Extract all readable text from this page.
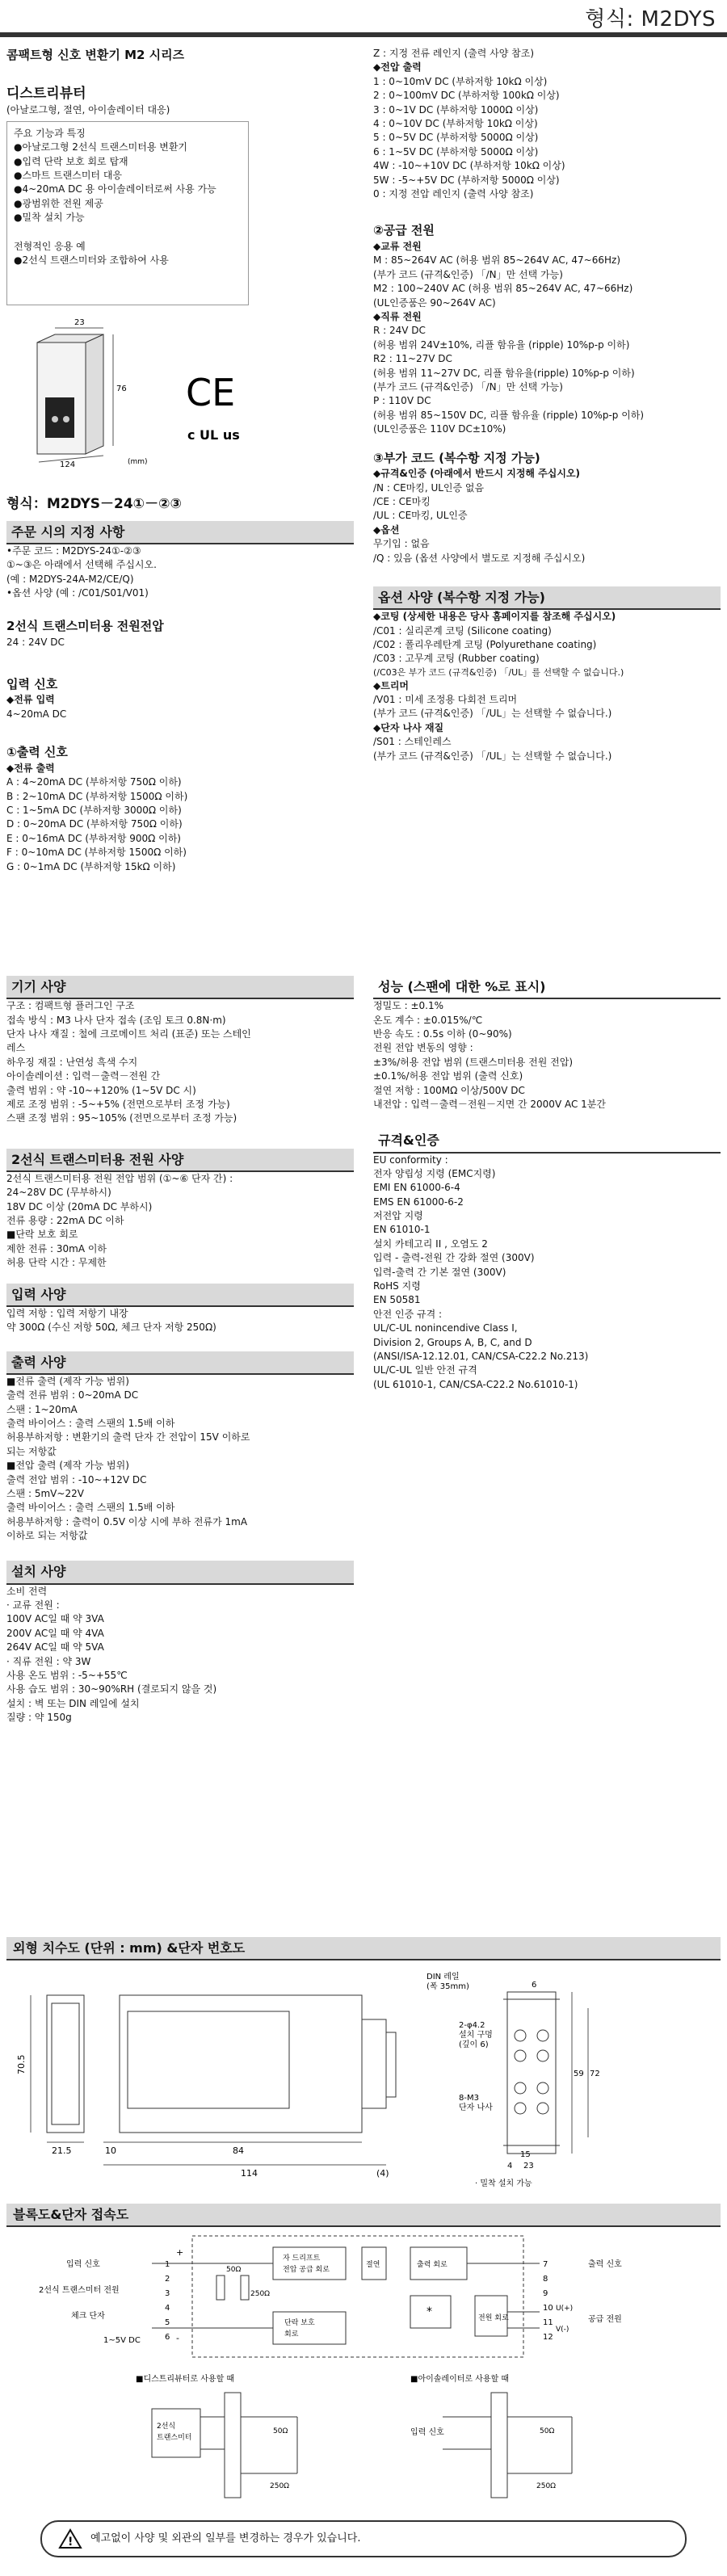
형식: M2DYS
콤팩트형 신호 변환기 M2 시리즈
디스트리뷰터
(아날로그형, 절연, 아이솔레이터 대응)
주요 기능과 특징
●아날로그형 2선식 트랜스미터용 변환기
●입력 단락 보호 회로 탑재
●스마트 트랜스미터 대응
●4~20mA DC 용 아이솔레이터로써 사용 가능
●광범위한 전원 제공
●밀착 설치 가능
전형적인 응용 예
●2선식 트랜스미터와 조합하여 사용
23
76
124	(mm)
CE
c UL us
형식：M2DYS－24①－②③
주문 시의 지정 사항
•주문 코드 : M2DYS-24①-②③
①~③은 아래에서 선택해 주십시오.
(예 : M2DYS-24A-M2/CE/Q)
•옵션 사양 (예 : /C01/S01/V01)
2선식 트랜스미터용 전원전압
24 : 24V DC
입력 신호
◆전류 입력
4~20mA DC
①출력 신호
◆전류 출력
A : 4~20mA DC (부하저항 750Ω 이하)
B : 2~10mA DC (부하저항 1500Ω 이하)
C : 1~5mA DC (부하저항 3000Ω 이하)
D : 0~20mA DC (부하저항 750Ω 이하)
E : 0~16mA DC (부하저항 900Ω 이하)
F : 0~10mA DC (부하저항 1500Ω 이하)
G : 0~1mA DC (부하저항 15kΩ 이하)
Z : 지정 전류 레인지 (출력 사양 참조)
◆전압 출력
1 : 0~10mV DC (부하저항 10kΩ 이상)
2 : 0~100mV DC (부하저항 100kΩ 이상)
3 : 0~1V DC (부하저항 1000Ω 이상)
4 : 0~10V DC (부하저항 10kΩ 이상)
5 : 0~5V DC (부하저항 5000Ω 이상)
6 : 1~5V DC (부하저항 5000Ω 이상)
4W : -10~+10V DC (부하저항 10kΩ 이상)
5W : -5~+5V DC (부하저항 5000Ω 이상)
0 : 지정 전압 레인지 (출력 사양 참조)
②공급 전원
◆교류 전원
M : 85~264V AC (허용 범위 85~264V AC, 47~66Hz)
(부가 코드 (규격&인증) 「/N」만 선택 가능)
M2 : 100~240V AC (허용 범위 85~264V AC, 47~66Hz)
(UL인증품은 90~264V AC)
◆직류 전원
R : 24V DC
(허용 범위 24V±10%, 리플 함유율 (ripple) 10%p-p 이하)
R2 : 11~27V DC
(허용 범위 11~27V DC, 리플 함유율(ripple) 10%p-p 이하)
(부가 코드 (규격&인증) 「/N」만 선택 가능)
P : 110V DC
(허용 범위 85~150V DC, 리플 함유율 (ripple) 10%p-p 이하)
(UL인증품은 110V DC±10%)
③부가 코드 (복수항 지정 가능)
◆규격&인증 (아래에서 반드시 지정해 주십시오)
/N : CE마킹, UL인증 없음
/CE : CE마킹
/UL : CE마킹, UL인증
◆옵션
무기입 : 없음
/Q : 있음 (옵션 사양에서 별도로 지정해 주십시오)
옵션 사양 (복수항 지정 가능)
◆코팅 (상세한 내용은 당사 홈페이지를 참조해 주십시오)
/C01 : 실리콘계 코팅 (Silicone coating)
/C02 : 폴리우레탄계 코팅 (Polyurethane coating)
/C03 : 고무계 코팅 (Rubber coating)
(/C03은 부가 코드 (규격&인증) 「/UL」를 선택할 수 없습니다.)
◆트리머
/V01 : 미세 조정용 다회전 트리머
(부가 코드 (규격&인증) 「/UL」는 선택할 수 없습니다.)
◆단자 나사 재질
/S01 : 스테인레스
(부가 코드 (규격&인증) 「/UL」는 선택할 수 없습니다.)
기기 사양
구조 : 컴팩트형 플러그인 구조
접속 방식 : M3 나사 단자 접속 (조임 토크 0.8N·m)
단자 나사 재질 : 철에 크로메이트 처리 (표준) 또는 스테인
레스
하우징 재질 : 난연성 흑색 수지
아이솔레이션 : 입력－출력－전원 간
출력 범위 : 약 -10~+120% (1~5V DC 시)
제로 조정 범위 : -5~+5% (전면으로부터 조정 가능)
스팬 조정 범위 : 95~105% (전면으로부터 조정 가능)
2선식 트랜스미터용 전원 사양
2선식 트랜스미터용 전원 전압 범위 (①~⑥ 단자 간) :
24~28V DC (무부하시)
18V DC 이상 (20mA DC 부하시)
전류 용량 : 22mA DC 이하
■단락 보호 회로
제한 전류 : 30mA 이하
허용 단락 시간 : 무제한
입력 사양
입력 저항 : 입력 저항기 내장
약 300Ω (수신 저항 50Ω, 체크 단자 저항 250Ω)
출력 사양
■전류 출력 (제작 가능 범위)
출력 전류 범위 : 0~20mA DC
스팬 : 1~20mA
출력 바이어스 : 출력 스팬의 1.5배 이하
허용부하저항 : 변환기의 출력 단자 간 전압이 15V 이하로
되는 저항값
■전압 출력 (제작 가능 범위)
출력 전압 범위 : -10~+12V DC
스팬 : 5mV~22V
출력 바이어스 : 출력 스팬의 1.5배 이하
허용부하저항 : 출력이 0.5V 이상 시에 부하 전류가 1mA
이하로 되는 저항값
설치 사양
소비 전력
· 교류 전원 :
100V AC일 때 약 3VA
200V AC일 때 약 4VA
264V AC일 때 약 5VA
· 직류 전원 : 약 3W
사용 온도 범위 : -5~+55℃
사용 습도 범위 : 30~90%RH (결로되지 않을 것)
설치 : 벽 또는 DIN 레일에 설치
질량 : 약 150g
성능 (스팬에 대한 %로 표시)
정밀도 : ±0.1%
온도 계수 : ±0.015%/℃
반응 속도 : 0.5s 이하 (0~90%)
전원 전압 변동의 영향 :
±3%/허용 전압 범위 (트랜스미터용 전원 전압)
±0.1%/허용 전압 범위 (출력 신호)
절연 저항 : 100MΩ 이상/500V DC
내전압 : 입력－출력－전원－지면 간 2000V AC 1분간
규격&인증
EU conformity :
전자 양립성 지령 (EMC지령)
EMI EN 61000-6-4
EMS EN 61000-6-2
저전압 지령
EN 61010-1
설치 카테고리 II , 오염도 2
입력 - 출력-전원 간 강화 절연 (300V)
입력-출력 간 기본 절연 (300V)
RoHS 지령
EN 50581
안전 인증 규격 :
UL/C-UL nonincendive Class I,
Division 2, Groups A, B, C, and D
(ANSI/ISA-12.12.01, CAN/CSA-C22.2 No.213)
UL/C-UL 일반 안전 규격
(UL 61010-1, CAN/CSA-C22.2 No.61010-1)
외형 치수도 (단위 : mm) &단자 번호도
70.5
21.5	10	84
114	(4)
DIN 레일
(폭 35mm)
2-φ4.2
설치 구멍
(깊이 6)
8-M3
단자 나사
6
59 72
23
15
4
· 밀착 설치 가능
블록도&단자 접속도
입력 신호
2선식 트랜스미터 전원
체크 단자
1~5V DC
50Ω
250Ω
자 드리프트
전압 공급 회로
단락 보호
회로
절연	출력 회로
전원 회로
*
출력 신호
공급 전원
U(+)
V(-)
+
-
1
2
3
4
5
6
7
8
9
10
11
12
■디스트리뷰터로 사용할 때	■아이솔레이터로 사용할 때
2선식
트랜스미터
50Ω
250Ω
입력 신호	50Ω
250Ω
! 예고없이 사양 및 외관의 일부를 변경하는 경우가 있습니다.
